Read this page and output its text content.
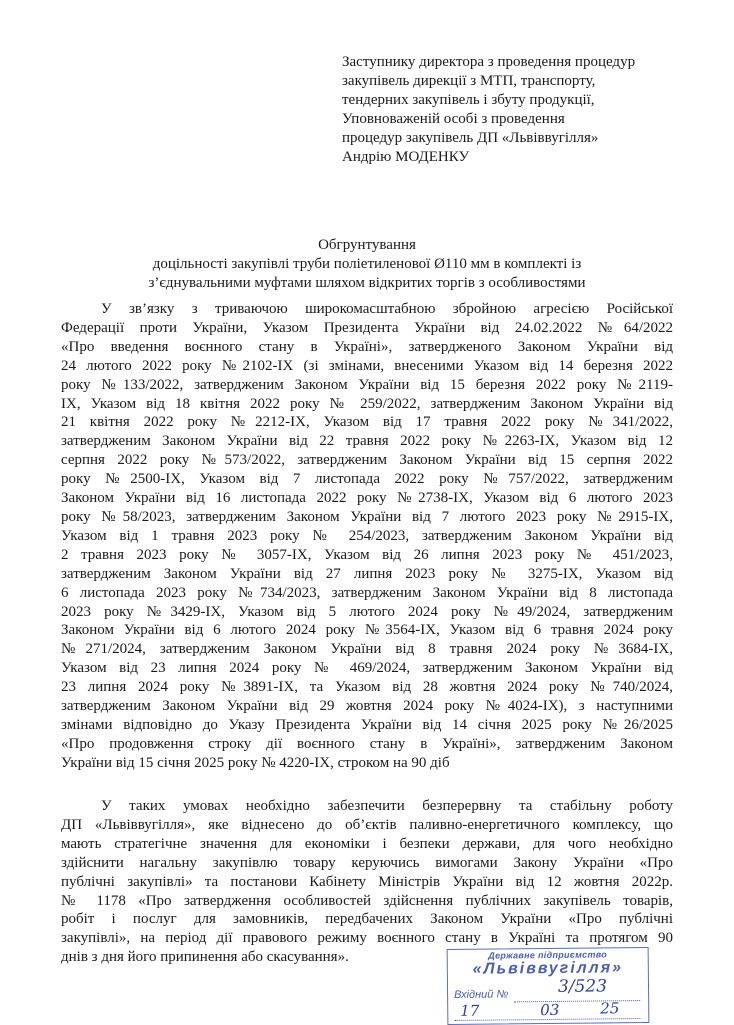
Заступнику директора з проведення процедур
закупівель дирекції з МТП, транспорту,
тендерних закупівель і збуту продукції,
Уповноваженій особі з проведення
процедур закупівель ДП «Львіввугілля»
Андрію МОДЕНКУ
Обгрунтування
доцільності закупівлі труби поліетиленової Ø110 мм в комплекті із
з’єднувальними муфтами шляхом відкритих торгів з особливостями
У зв’язку з триваючою широкомасштабною збройною агресією Російської
Федерації проти України, Указом Президента України від 24.02.2022 №64/2022
«Про введення воєнного стану в Україні», затвердженого Законом України від
24 лютого 2022 року №2102-IX (зі змінами, внесеними Указом від 14 березня 2022
року №133/2022, затвердженим Законом України від 15 березня 2022 року №2119-
IX, Указом від 18 квітня 2022 року № 259/2022, затвердженим Законом України від
21 квітня 2022 року №2212-IX, Указом від 17 травня 2022 року №341/2022,
затвердженим Законом України від 22 травня 2022 року №2263-IX, Указом від 12
серпня 2022 року №573/2022, затвердженим Законом України від 15 серпня 2022
року №2500-IX, Указом від 7 листопада 2022 року №757/2022, затвердженим
Законом України від 16 листопада 2022 року №2738-IX, Указом від 6 лютого 2023
року №58/2023, затвердженим Законом України від 7 лютого 2023 року №2915-IX,
Указом від 1 травня 2023 року № 254/2023, затвердженим Законом України від
2 травня 2023 року № 3057-IX, Указом від 26 липня 2023 року № 451/2023,
затвердженим Законом України від 27 липня 2023 року № 3275-IX, Указом від
6 листопада 2023 року №734/2023, затвердженим Законом України від 8 листопада
2023 року №3429-IX, Указом від 5 лютого 2024 року №49/2024, затвердженим
Законом України від 6 лютого 2024 року №3564-IX, Указом від 6 травня 2024 року
№271/2024, затвердженим Законом України від 8 травня 2024 року №3684-IX,
Указом від 23 липня 2024 року № 469/2024, затвердженим Законом України від
23 липня 2024 року №3891-IX, та Указом від 28 жовтня 2024 року №740/2024,
затвердженим Законом України від 29 жовтня 2024 року №4024-IX), з наступними
змінами відповідно до Указу Президента України від 14 січня 2025 року №26/2025
«Про продовження строку дії воєнного стану в Україні», затвердженим Законом
України від 15 січня 2025 року № 4220-IX, строком на 90 діб
У таких умовах необхідно забезпечити безперервну та стабільну роботу
ДП «Львіввугілля», яке віднесено до об’єктів паливно-енергетичного комплексу, що
мають стратегічне значення для економіки і безпеки держави, для чого необхідно
здійснити нагальну закупівлю товару керуючись вимогами Закону України «Про
публічні закупівлі» та постанови Кабінету Міністрів України від 12 жовтня 2022р.
№ 1178 «Про затвердження особливостей здійснення публічних закупівель товарів,
робіт і послуг для замовників, передбачених Законом України «Про публічні
закупівлі», на період дії правового режиму воєнного стану в Україні та протягом 90
днів з дня його припинення або скасування».	Державне підприємство
«Львіввугілля»
Вхідний №	3/523
17	03	25
